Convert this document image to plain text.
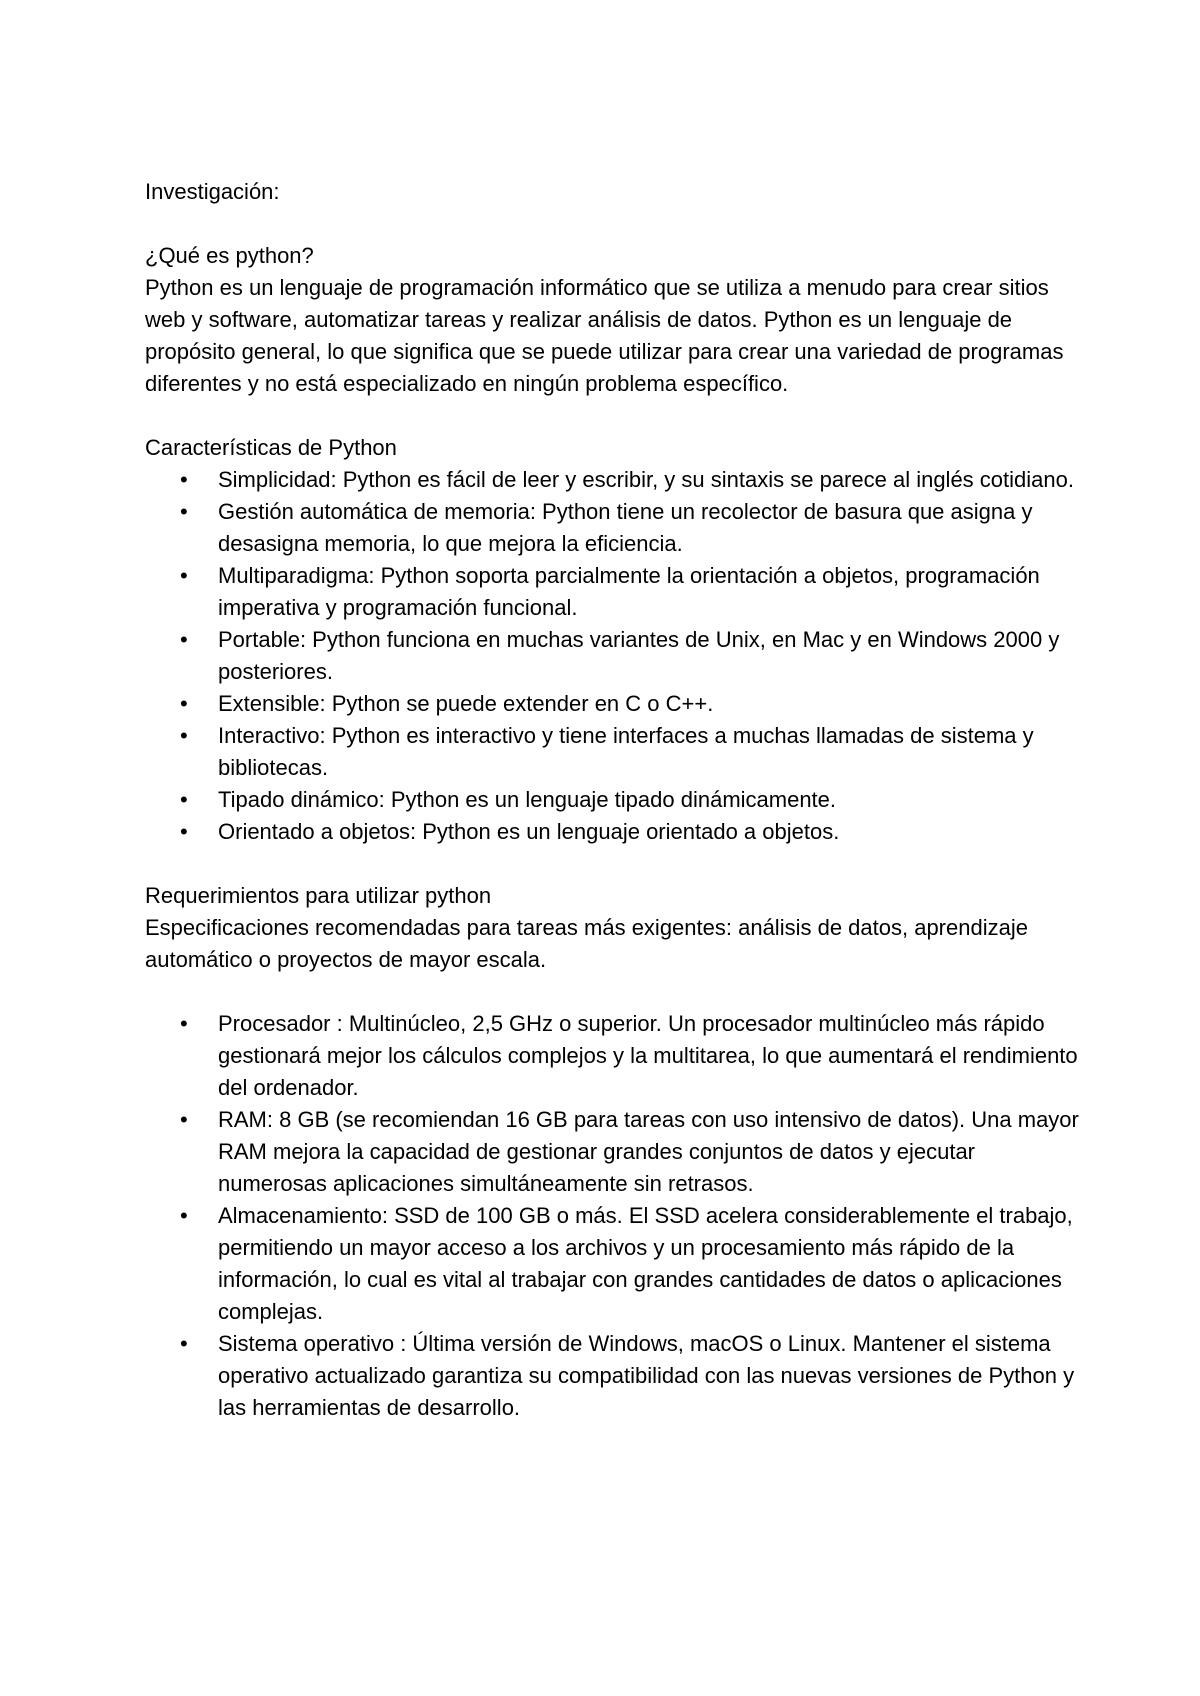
Investigación:

¿Qué es python?

Python es un lenguaje de programación informático que se utiliza a menudo para crear sitios web y software, automatizar tareas y realizar análisis de datos. Python es un lenguaje de propósito general, lo que significa que se puede utilizar para crear una variedad de programas diferentes y no está especializado en ningún problema específico.

Características de Python

• Simplicidad: Python es fácil de leer y escribir, y su sintaxis se parece al inglés cotidiano.
• Gestión automática de memoria: Python tiene un recolector de basura que asigna y desasigna memoria, lo que mejora la eficiencia.
• Multiparadigma: Python soporta parcialmente la orientación a objetos, programación imperativa y programación funcional.
• Portable: Python funciona en muchas variantes de Unix, en Mac y en Windows 2000 y posteriores.
• Extensible: Python se puede extender en C o C++.
• Interactivo: Python es interactivo y tiene interfaces a muchas llamadas de sistema y bibliotecas.
• Tipado dinámico: Python es un lenguaje tipado dinámicamente.
• Orientado a objetos: Python es un lenguaje orientado a objetos.

Requerimientos para utilizar python

Especificaciones recomendadas para tareas más exigentes: análisis de datos, aprendizaje automático o proyectos de mayor escala.

• Procesador : Multinúcleo, 2,5 GHz o superior. Un procesador multinúcleo más rápido gestionará mejor los cálculos complejos y la multitarea, lo que aumentará el rendimiento del ordenador.
• RAM: 8 GB (se recomiendan 16 GB para tareas con uso intensivo de datos). Una mayor RAM mejora la capacidad de gestionar grandes conjuntos de datos y ejecutar numerosas aplicaciones simultáneamente sin retrasos.
• Almacenamiento: SSD de 100 GB o más. El SSD acelera considerablemente el trabajo, permitiendo un mayor acceso a los archivos y un procesamiento más rápido de la información, lo cual es vital al trabajar con grandes cantidades de datos o aplicaciones complejas.
• Sistema operativo : Última versión de Windows, macOS o Linux. Mantener el sistema operativo actualizado garantiza su compatibilidad con las nuevas versiones de Python y las herramientas de desarrollo.
